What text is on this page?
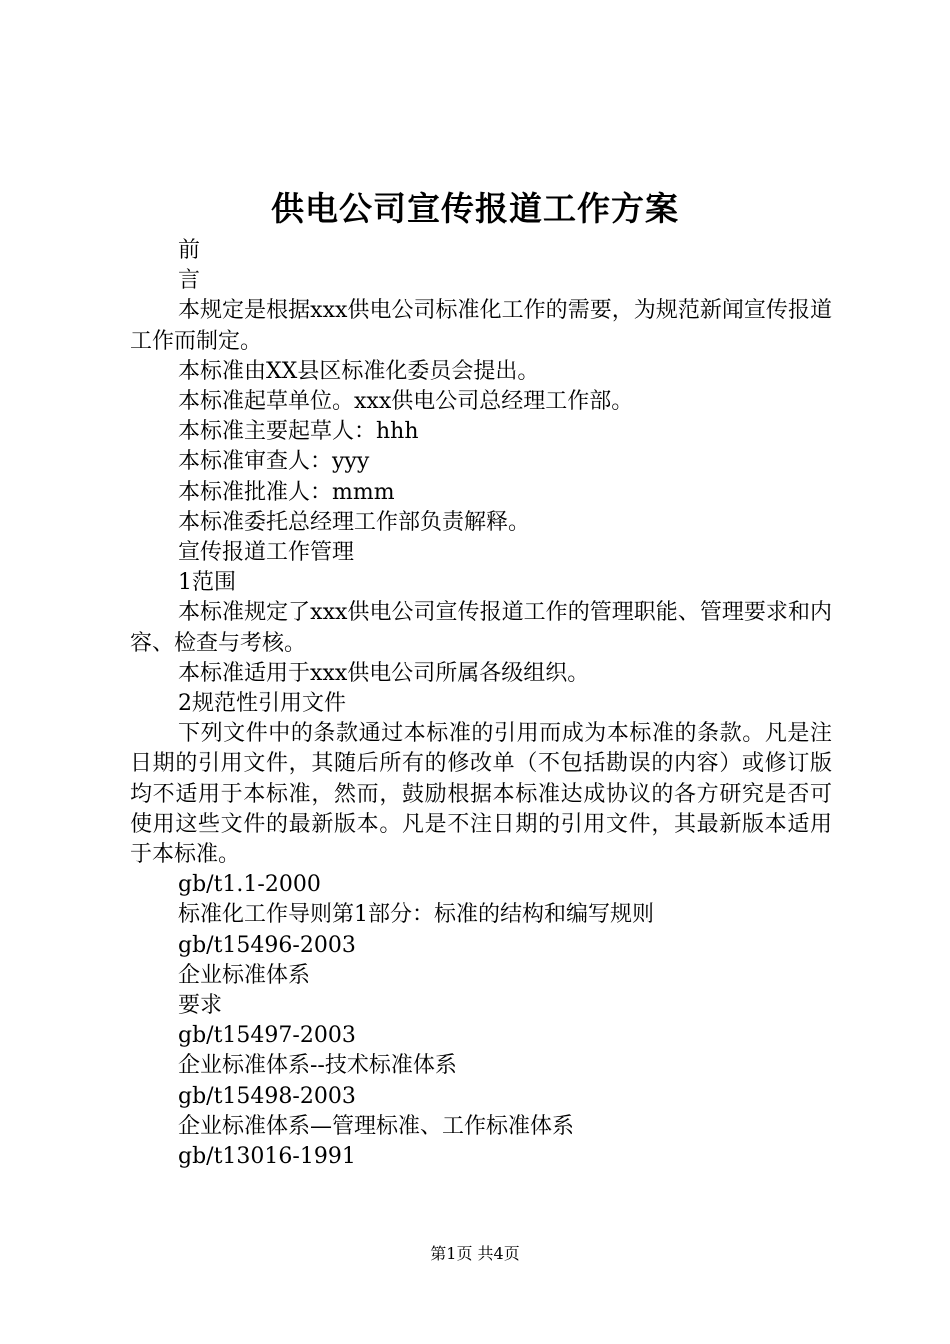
供电公司宣传报道工作方案

前

言

本规定是根据xxx供电公司标准化工作的需要，为规范新闻宣传报道工作而制定。

本标准由XX县区标准化委员会提出。

本标准起草单位。xxx供电公司总经理工作部。

本标准主要起草人：hhh

本标准审查人：yyy

本标准批准人：mmm

本标准委托总经理工作部负责解释。

宣传报道工作管理

1范围

本标准规定了xxx供电公司宣传报道工作的管理职能、管理要求和内容、检查与考核。

本标准适用于xxx供电公司所属各级组织。

2规范性引用文件

下列文件中的条款通过本标准的引用而成为本标准的条款。凡是注日期的引用文件，其随后所有的修改单（不包括勘误的内容）或修订版均不适用于本标准，然而，鼓励根据本标准达成协议的各方研究是否可使用这些文件的最新版本。凡是不注日期的引用文件，其最新版本适用于本标准。

gb/t1.1-2000

标准化工作导则第1部分：标准的结构和编写规则

gb/t15496-2003

企业标准体系

要求

gb/t15497-2003

企业标准体系--技术标准体系

gb/t15498-2003

企业标准体系—管理标准、工作标准体系

gb/t13016-1991

第1页 共4页
